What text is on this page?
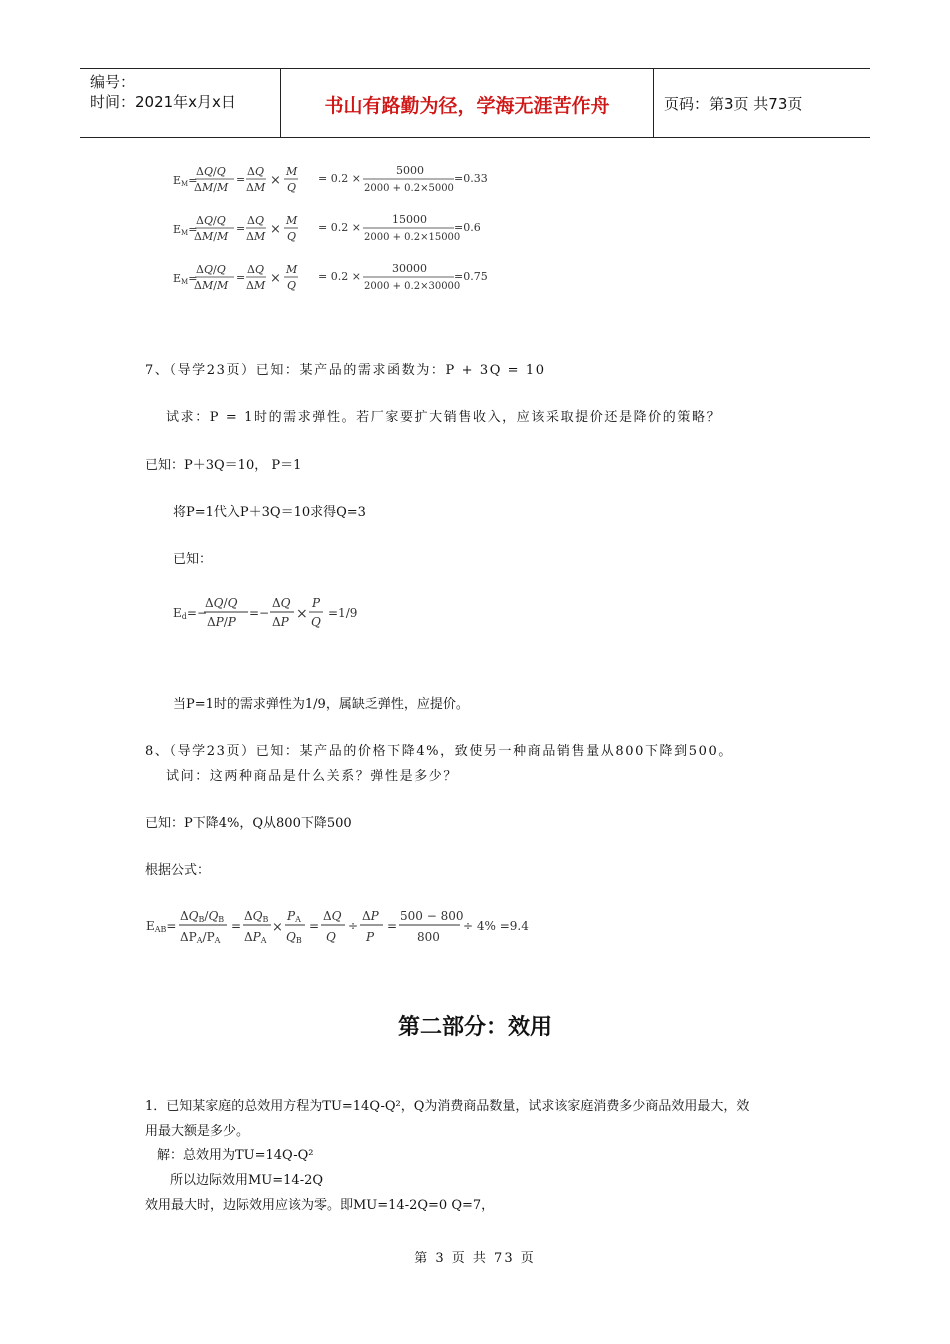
编号：
时间：2021年x月x日	书山有路勤为径，学海无涯苦作舟	页码：第3页 共73页
EM=
ΔQ/Q
ΔM/M
=
ΔQ
ΔM ×
M
Q
= 0.2 ×
5000
2000 + 0.2×5000
=0.33
EM=
ΔQ/Q
ΔM/M
=
ΔQ
ΔM ×
M
Q
= 0.2 ×
15000
2000 + 0.2×15000
=0.6
EM=
ΔQ/Q
ΔM/M
=
ΔQ
ΔM ×
M
Q
= 0.2 ×
30000
2000 + 0.2×30000
=0.75
7、（导学23页）已知：某产品的需求函数为：P + 3Q = 10
试求：P = 1时的需求弹性。若厂家要扩大销售收入，应该采取提价还是降价的策略？
已知：P＋3Q＝10， P＝1
将P=1代入P＋3Q＝10求得Q=3
已知：
Ed=−
ΔQ/Q
ΔP/P
=−
ΔQ
ΔP ×
P
Q
=1/9
当P=1时的需求弹性为1/9，属缺乏弹性，应提价。
8、（导学23页）已知：某产品的价格下降4%，致使另一种商品销售量从800下降到500。
试问：这两种商品是什么关系？弹性是多少？
已知：P下降4%，Q从800下降500
根据公式：
EAB=
ΔQB/QB
ΔPA/PA
=
ΔQB
ΔPA
×
PA
QB
=
ΔQ
Q
÷
ΔP
P
=
500 − 800
800
÷ 4% =9.4
第二部分：效用
1．已知某家庭的总效用方程为TU=14Q-Q²，Q为消费商品数量，试求该家庭消费多少商品效用最大，效
用最大额是多少。
解：总效用为TU=14Q-Q²
所以边际效用MU=14-2Q
效用最大时，边际效用应该为零。即MU=14-2Q=0 Q=7，
第 3 页 共 73 页
